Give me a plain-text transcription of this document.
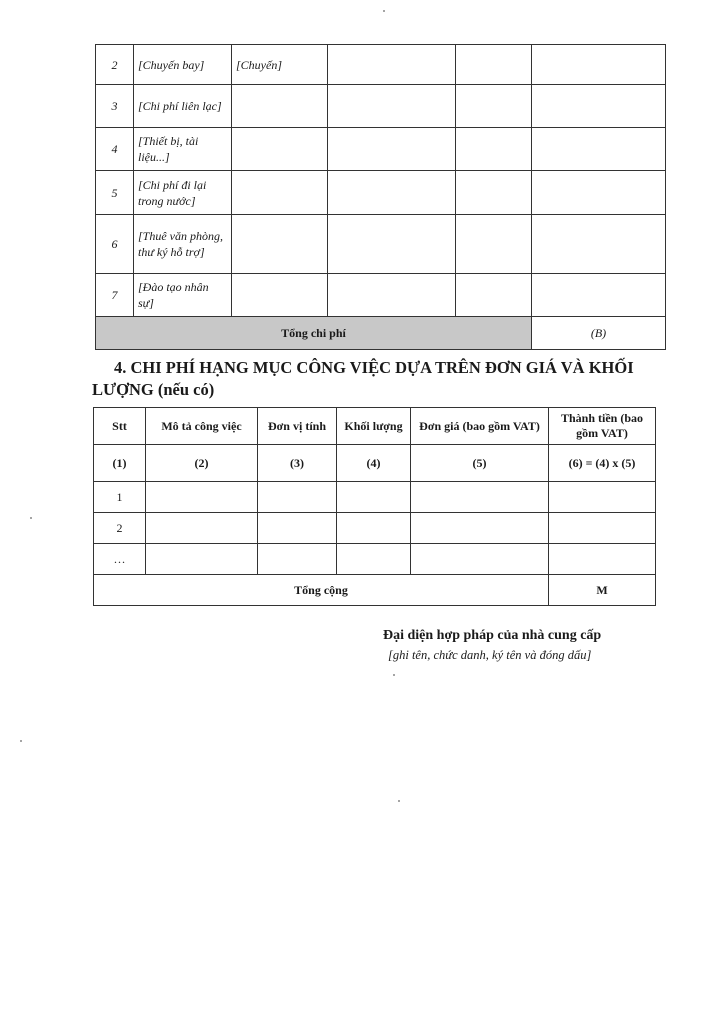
2	[Chuyến bay]	[Chuyến]			
3	[Chi phí liên lạc]				
4	[Thiết bị, tài liệu...]				
5	[Chi phí đi lại trong nước]				
6	[Thuê văn phòng, thư ký hỗ trợ]				
7	[Đào tạo nhân sự]				
Tổng chi phí					(B)
4. CHI PHÍ HẠNG MỤC CÔNG VIỆC DỰA TRÊN ĐƠN GIÁ VÀ KHỐI LƯỢNG (nếu có)
Stt	Mô tả công việc	Đơn vị tính	Khối lượng	Đơn giá (bao gồm VAT)	Thành tiền (bao gồm VAT)
(1)	(2)	(3)	(4)	(5)	(6) = (4) x (5)
1					
2					
…					
Tổng cộng					M

Đại diện hợp pháp của nhà cung cấp

[ghi tên, chức danh, ký tên và đóng dấu]
